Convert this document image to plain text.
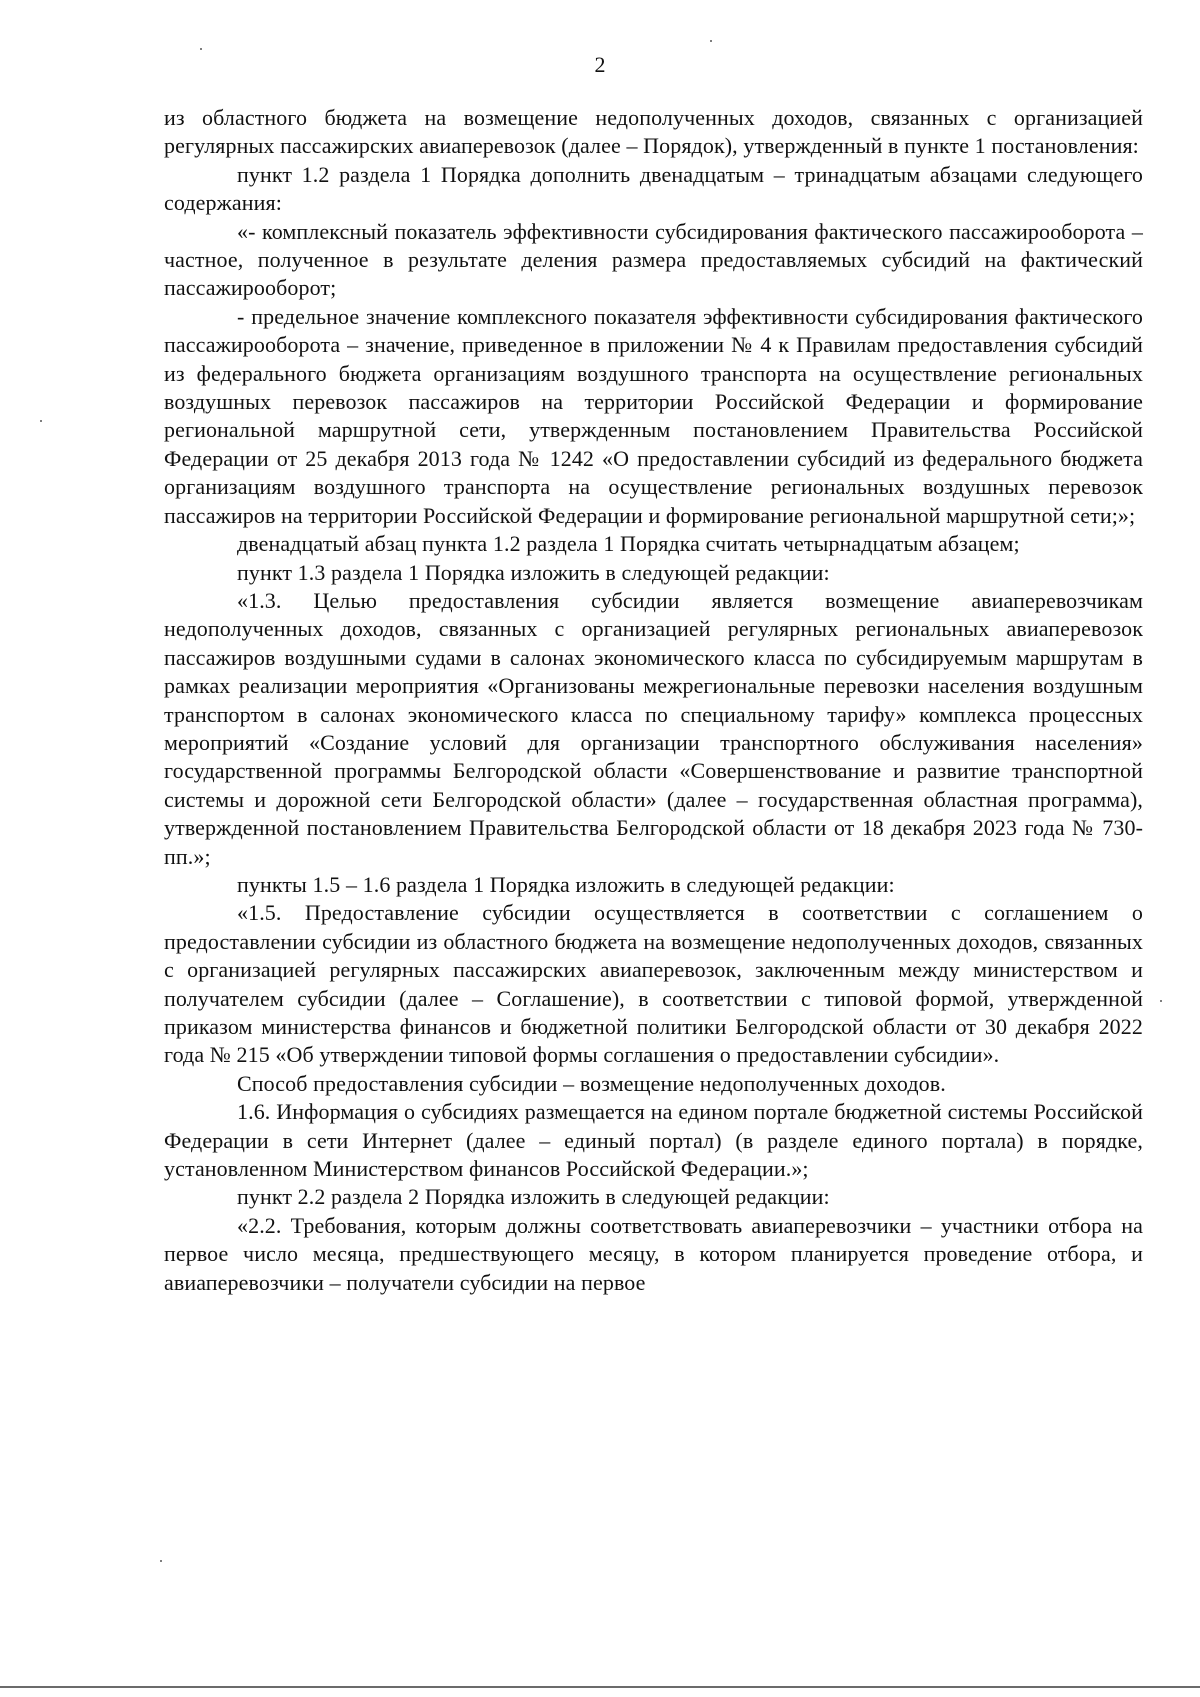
2

из областного бюджета на возмещение недополученных доходов, связанных с организацией регулярных пассажирских авиаперевозок (далее – Порядок), утвержденный в пункте 1 постановления:

пункт 1.2 раздела 1 Порядка дополнить двенадцатым – тринадцатым абзацами следующего содержания:

«- комплексный показатель эффективности субсидирования фактического пассажирооборота – частное, полученное в результате деления размера предоставляемых субсидий на фактический пассажирооборот;

- предельное значение комплексного показателя эффективности субсидирования фактического пассажирооборота – значение, приведенное в приложении № 4 к Правилам предоставления субсидий из федерального бюджета организациям воздушного транспорта на осуществление региональных воздушных перевозок пассажиров на территории Российской Федерации и формирование региональной маршрутной сети, утвержденным постановлением Правительства Российской Федерации от 25 декабря 2013 года № 1242 «О предоставлении субсидий из федерального бюджета организациям воздушного транспорта на осуществление региональных воздушных перевозок пассажиров на территории Российской Федерации и формирование региональной маршрутной сети;»;

двенадцатый абзац пункта 1.2 раздела 1 Порядка считать четырнадцатым абзацем;

пункт 1.3 раздела 1 Порядка изложить в следующей редакции:

«1.3. Целью предоставления субсидии является возмещение авиаперевозчикам недополученных доходов, связанных с организацией регулярных региональных авиаперевозок пассажиров воздушными судами в салонах экономического класса по субсидируемым маршрутам в рамках реализации мероприятия «Организованы межрегиональные перевозки населения воздушным транспортом в салонах экономического класса по специальному тарифу» комплекса процессных мероприятий «Создание условий для организации транспортного обслуживания населения» государственной программы Белгородской области «Совершенствование и развитие транспортной системы и дорожной сети Белгородской области» (далее – государственная областная программа), утвержденной постановлением Правительства Белгородской области от 18 декабря 2023 года № 730-пп.»;

пункты 1.5 – 1.6 раздела 1 Порядка изложить в следующей редакции:

«1.5. Предоставление субсидии осуществляется в соответствии с соглашением о предоставлении субсидии из областного бюджета на возмещение недополученных доходов, связанных с организацией регулярных пассажирских авиаперевозок, заключенным между министерством и получателем субсидии (далее – Соглашение), в соответствии с типовой формой, утвержденной приказом министерства финансов и бюджетной политики Белгородской области от 30 декабря 2022 года № 215 «Об утверждении типовой формы соглашения о предоставлении субсидии».

Способ предоставления субсидии – возмещение недополученных доходов.

1.6. Информация о субсидиях размещается на едином портале бюджетной системы Российской Федерации в сети Интернет (далее – единый портал) (в разделе единого портала) в порядке, установленном Министерством финансов Российской Федерации.»;

пункт 2.2 раздела 2 Порядка изложить в следующей редакции:

«2.2. Требования, которым должны соответствовать авиаперевозчики – участники отбора на первое число месяца, предшествующего месяцу, в котором планируется проведение отбора, и авиаперевозчики – получатели субсидии на первое
